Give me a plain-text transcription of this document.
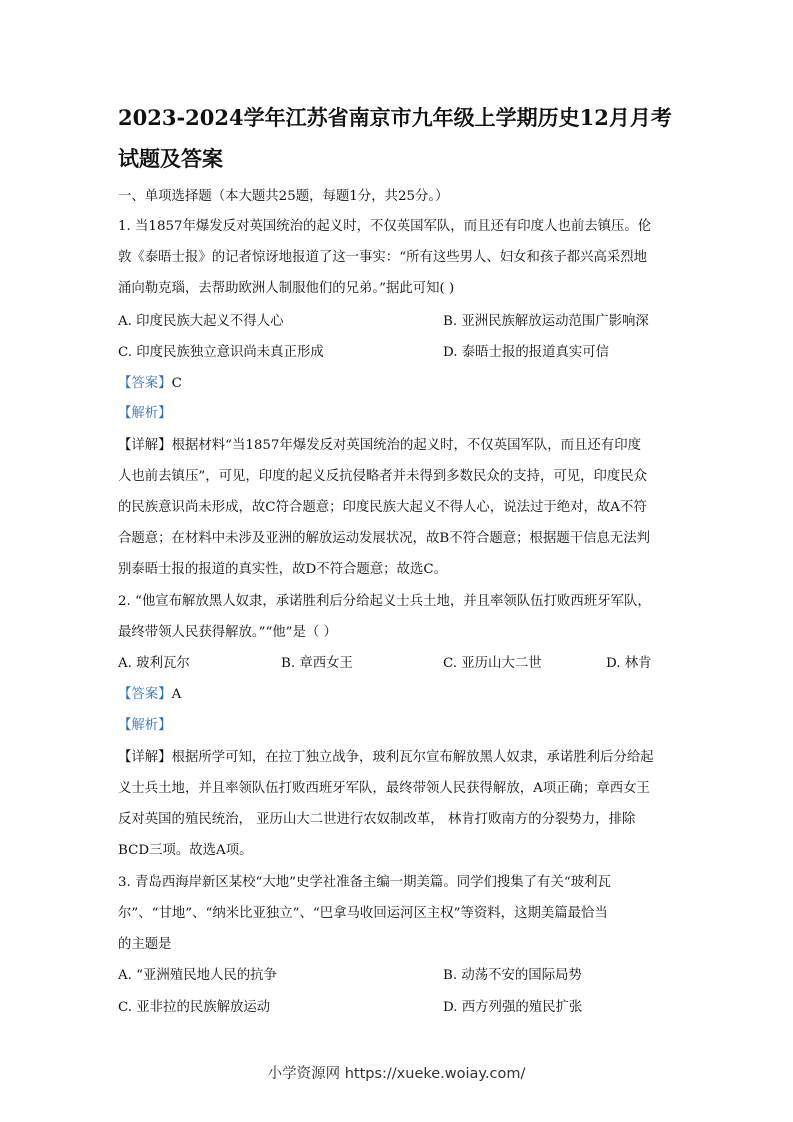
2023-2024学年江苏省南京市九年级上学期历史12月月考
试题及答案
一、单项选择题（本大题共25题，每题1分，共25分。）
1. 当1857年爆发反对英国统治的起义时，不仅英国军队，而且还有印度人也前去镇压。伦
敦《泰晤士报》的记者惊讶地报道了这一事实：“所有这些男人、妇女和孩子都兴高采烈地
涌向勒克瑙，去帮助欧洲人制服他们的兄弟。”据此可知( )
A. 印度民族大起义不得人心	B. 亚洲民族解放运动范围广影响深
C. 印度民族独立意识尚未真正形成	D. 泰晤士报的报道真实可信
【答案】C
【解析】
【详解】根据材料“当1857年爆发反对英国统治的起义时，不仅英国军队，而且还有印度
人也前去镇压”，可见，印度的起义反抗侵略者并未得到多数民众的支持，可见，印度民众
的民族意识尚未形成，故C符合题意；印度民族大起义不得人心，说法过于绝对，故A不符
合题意；在材料中未涉及亚洲的解放运动发展状况，故B不符合题意；根据题干信息无法判
别泰晤士报的报道的真实性，故D不符合题意；故选C。
2. “他宣布解放黑人奴隶，承诺胜利后分给起义士兵土地，并且率领队伍打败西班牙军队，
最终带领人民获得解放。”“他”是（ ）
A. 玻利瓦尔	B. 章西女王	C. 亚历山大二世	D. 林肯
【答案】A
【解析】
【详解】根据所学可知，在拉丁独立战争，玻利瓦尔宣布解放黑人奴隶，承诺胜利后分给起
义士兵土地，并且率领队伍打败西班牙军队，最终带领人民获得解放，A项正确；章西女王
反对英国的殖民统治， 亚历山大二世进行农奴制改革， 林肯打败南方的分裂势力，排除
BCD三项。故选A项。
3. 青岛西海岸新区某校“大地”史学社准备主编一期美篇。同学们搜集了有关“玻利瓦
尔”、“甘地”、“纳米比亚独立”、“巴拿马收回运河区主权”等资料，这期美篇最恰当
的主题是
A. “亚洲殖民地人民的抗争	B. 动荡不安的国际局势
C. 亚非拉的民族解放运动	D. 西方列强的殖民扩张
小学资源网 https://xueke.woiay.com/
